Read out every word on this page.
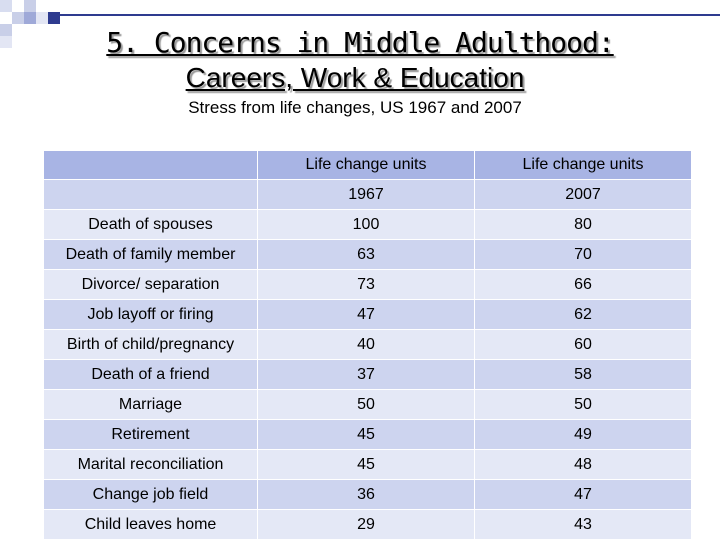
5. Concerns in Middle Adulthood:
Careers, Work & Education
Stress from life changes, US 1967 and 2007
	Life change units	Life change units
	1967	2007
Death of spouses	100	80
Death of family member	63	70
Divorce/ separation	73	66
Job layoff or firing	47	62
Birth of child/pregnancy	40	60
Death of a friend	37	58
Marriage	50	50
Retirement	45	49
Marital reconciliation	45	48
Change job field	36	47
Child leaves home	29	43
